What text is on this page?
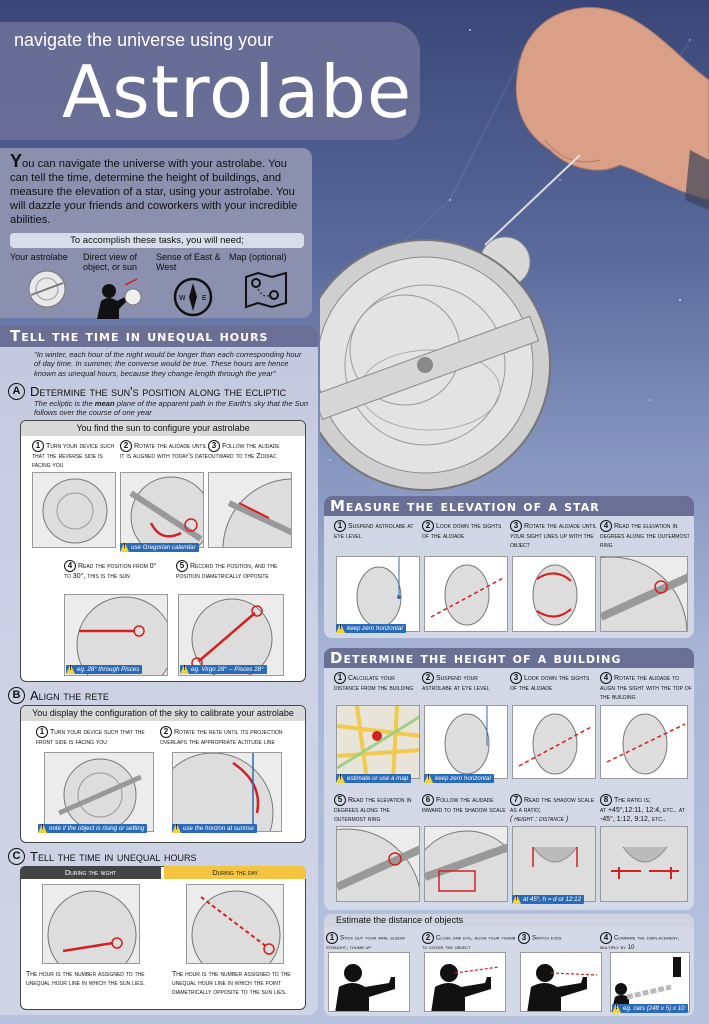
navigate the universe using your
Astrolabe

You can navigate the universe with your astrolabe. You can tell the time, determine the height of buildings, and measure the elevation of a star, using your astrolabe. You will dazzle your friends and coworkers with your incredible abilities.

To accomplish these tasks, you will need;
Your astrolabe	Direct view of object, or sun
Sense of East & West
W E
Map (optional)
Tell the time in unequal hours
"In winter, each hour of the night would be longer than each corresponding hour of day time. In summer, the converse would be true. These hours are hence known as unequal hours, because they change length through the year"
A Determine the sun's position along the ecliptic
The ecliptic is the mean plane of the apparent path in the Earth's sky that the Sun follows over the course of one year
You find the sun to configure your astrolabe
1 Turn your device such that the reverse side is facing you
2 Rotate the alidade until it is aligned with today's date
3 Follow the alidade outward to the Zodiac
! use Gregorian calendar
4 Read the position from 0° to 30°, this is the sun
5 Record the position, and the position diametrically opposite
! eg. 28° through Pisces	! eg. Virgo 28° -- Pisces 28°
B Align the rete
You display the configuration of the sky to calibrate your astrolabe
1 Turn your device such that the front side is facing you
2 Rotate the rete until its projection overlaps the appropriate altitude line
! note if the object is rising or setting	! use the horizon at sunrise
C Tell the time in unequal hours
During the night	During the day
The hour is the number assigned to the unequal hour line in which the sun lies.
The hour is the number assigned to the unequal hour line in which the point diametrically opposite to the sun lies.
Measure the elevation of a star
1 Suspend astrolabe at eye level
2 Look down the sights of the alidade
3 Rotate the alidade until your sight lines up with the object
4 Read the elevation in degrees along the outermost ring
! keep zero horizontal
Determine the height of a building
1 Calculate your distance from the building
2 Suspend your astrolabe at eye level
3 Look down the sights of the alidade
4 Rotate the alidade to align the sight with the top of the building
! estimate or use a map	! keep zero horizontal
5 Read the elevation in degrees along the outermost ring
6 Follow the alidade inward to the shadow scale
7 Read the shadow scale as a ratio;
( height : distance )
8 The ratio is;
at +45°,12:11, 12:4, etc.. at -45°, 1:12, 9:12, etc..
! at 45°, h = d or 12:12
Estimate the distance of objects
1 Stick out your arm, elbow straight, thumb up
2 Close one eye, align your thumb to cover the object
3 Switch eyes	4 Compare the displacement, multiply by 10
! eg. cars (24ft x 5) x 10
